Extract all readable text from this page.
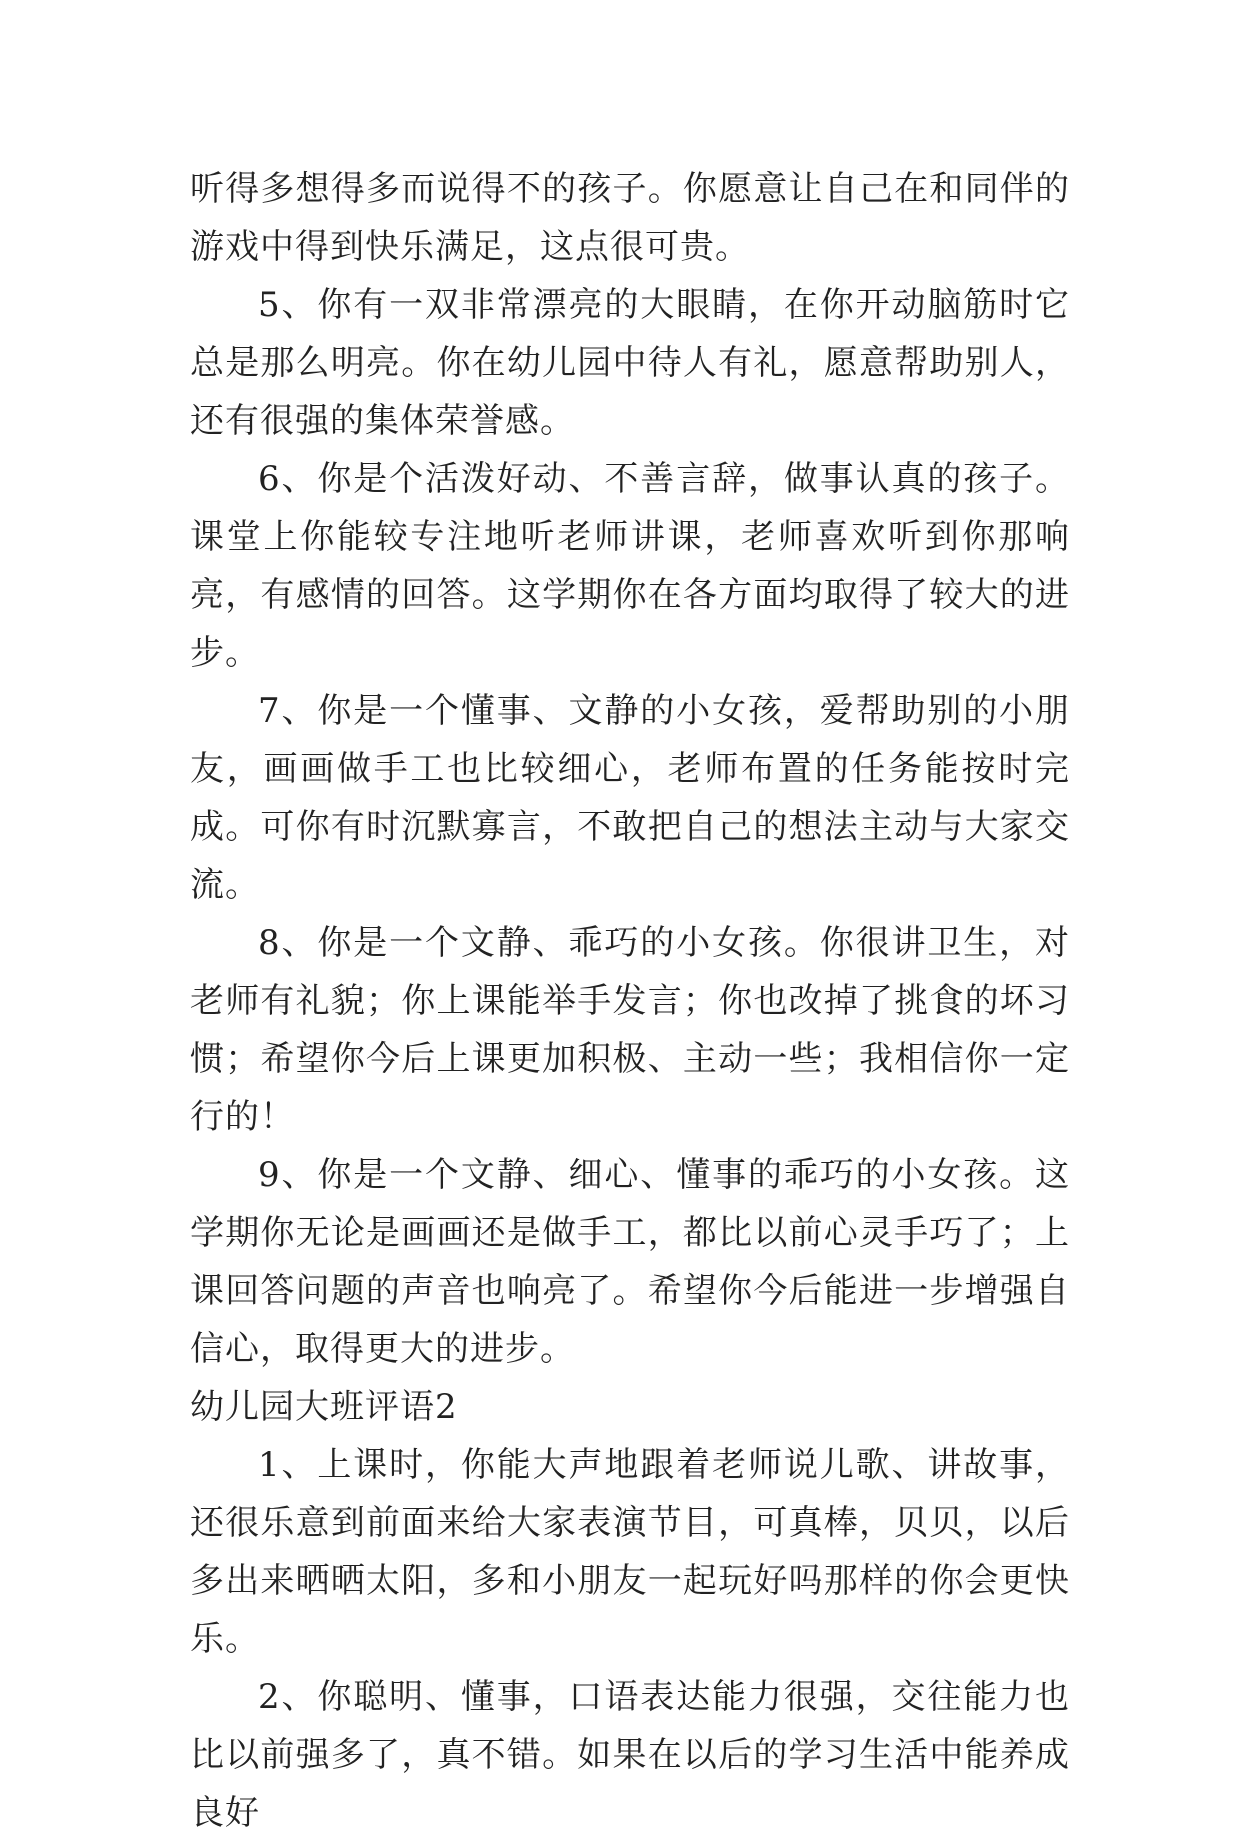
听得多想得多而说得不的孩子。你愿意让自己在和同伴的游戏中得到快乐满足，这点很可贵。

5、你有一双非常漂亮的大眼睛，在你开动脑筋时它总是那么明亮。你在幼儿园中待人有礼，愿意帮助别人，还有很强的集体荣誉感。

6、你是个活泼好动、不善言辞，做事认真的孩子。课堂上你能较专注地听老师讲课，老师喜欢听到你那响亮，有感情的回答。这学期你在各方面均取得了较大的进步。

7、你是一个懂事、文静的小女孩，爱帮助别的小朋友，画画做手工也比较细心，老师布置的任务能按时完成。可你有时沉默寡言，不敢把自己的想法主动与大家交流。

8、你是一个文静、乖巧的小女孩。你很讲卫生，对老师有礼貌；你上课能举手发言；你也改掉了挑食的坏习惯；希望你今后上课更加积极、主动一些；我相信你一定行的！

9、你是一个文静、细心、懂事的乖巧的小女孩。这学期你无论是画画还是做手工，都比以前心灵手巧了；上课回答问题的声音也响亮了。希望你今后能进一步增强自信心，取得更大的进步。

幼儿园大班评语2

1、上课时，你能大声地跟着老师说儿歌、讲故事，还很乐意到前面来给大家表演节目，可真棒，贝贝，以后多出来晒晒太阳，多和小朋友一起玩好吗那样的你会更快乐。

2、你聪明、懂事，口语表达能力很强，交往能力也比以前强多了，真不错。如果在以后的学习生活中能养成良好
